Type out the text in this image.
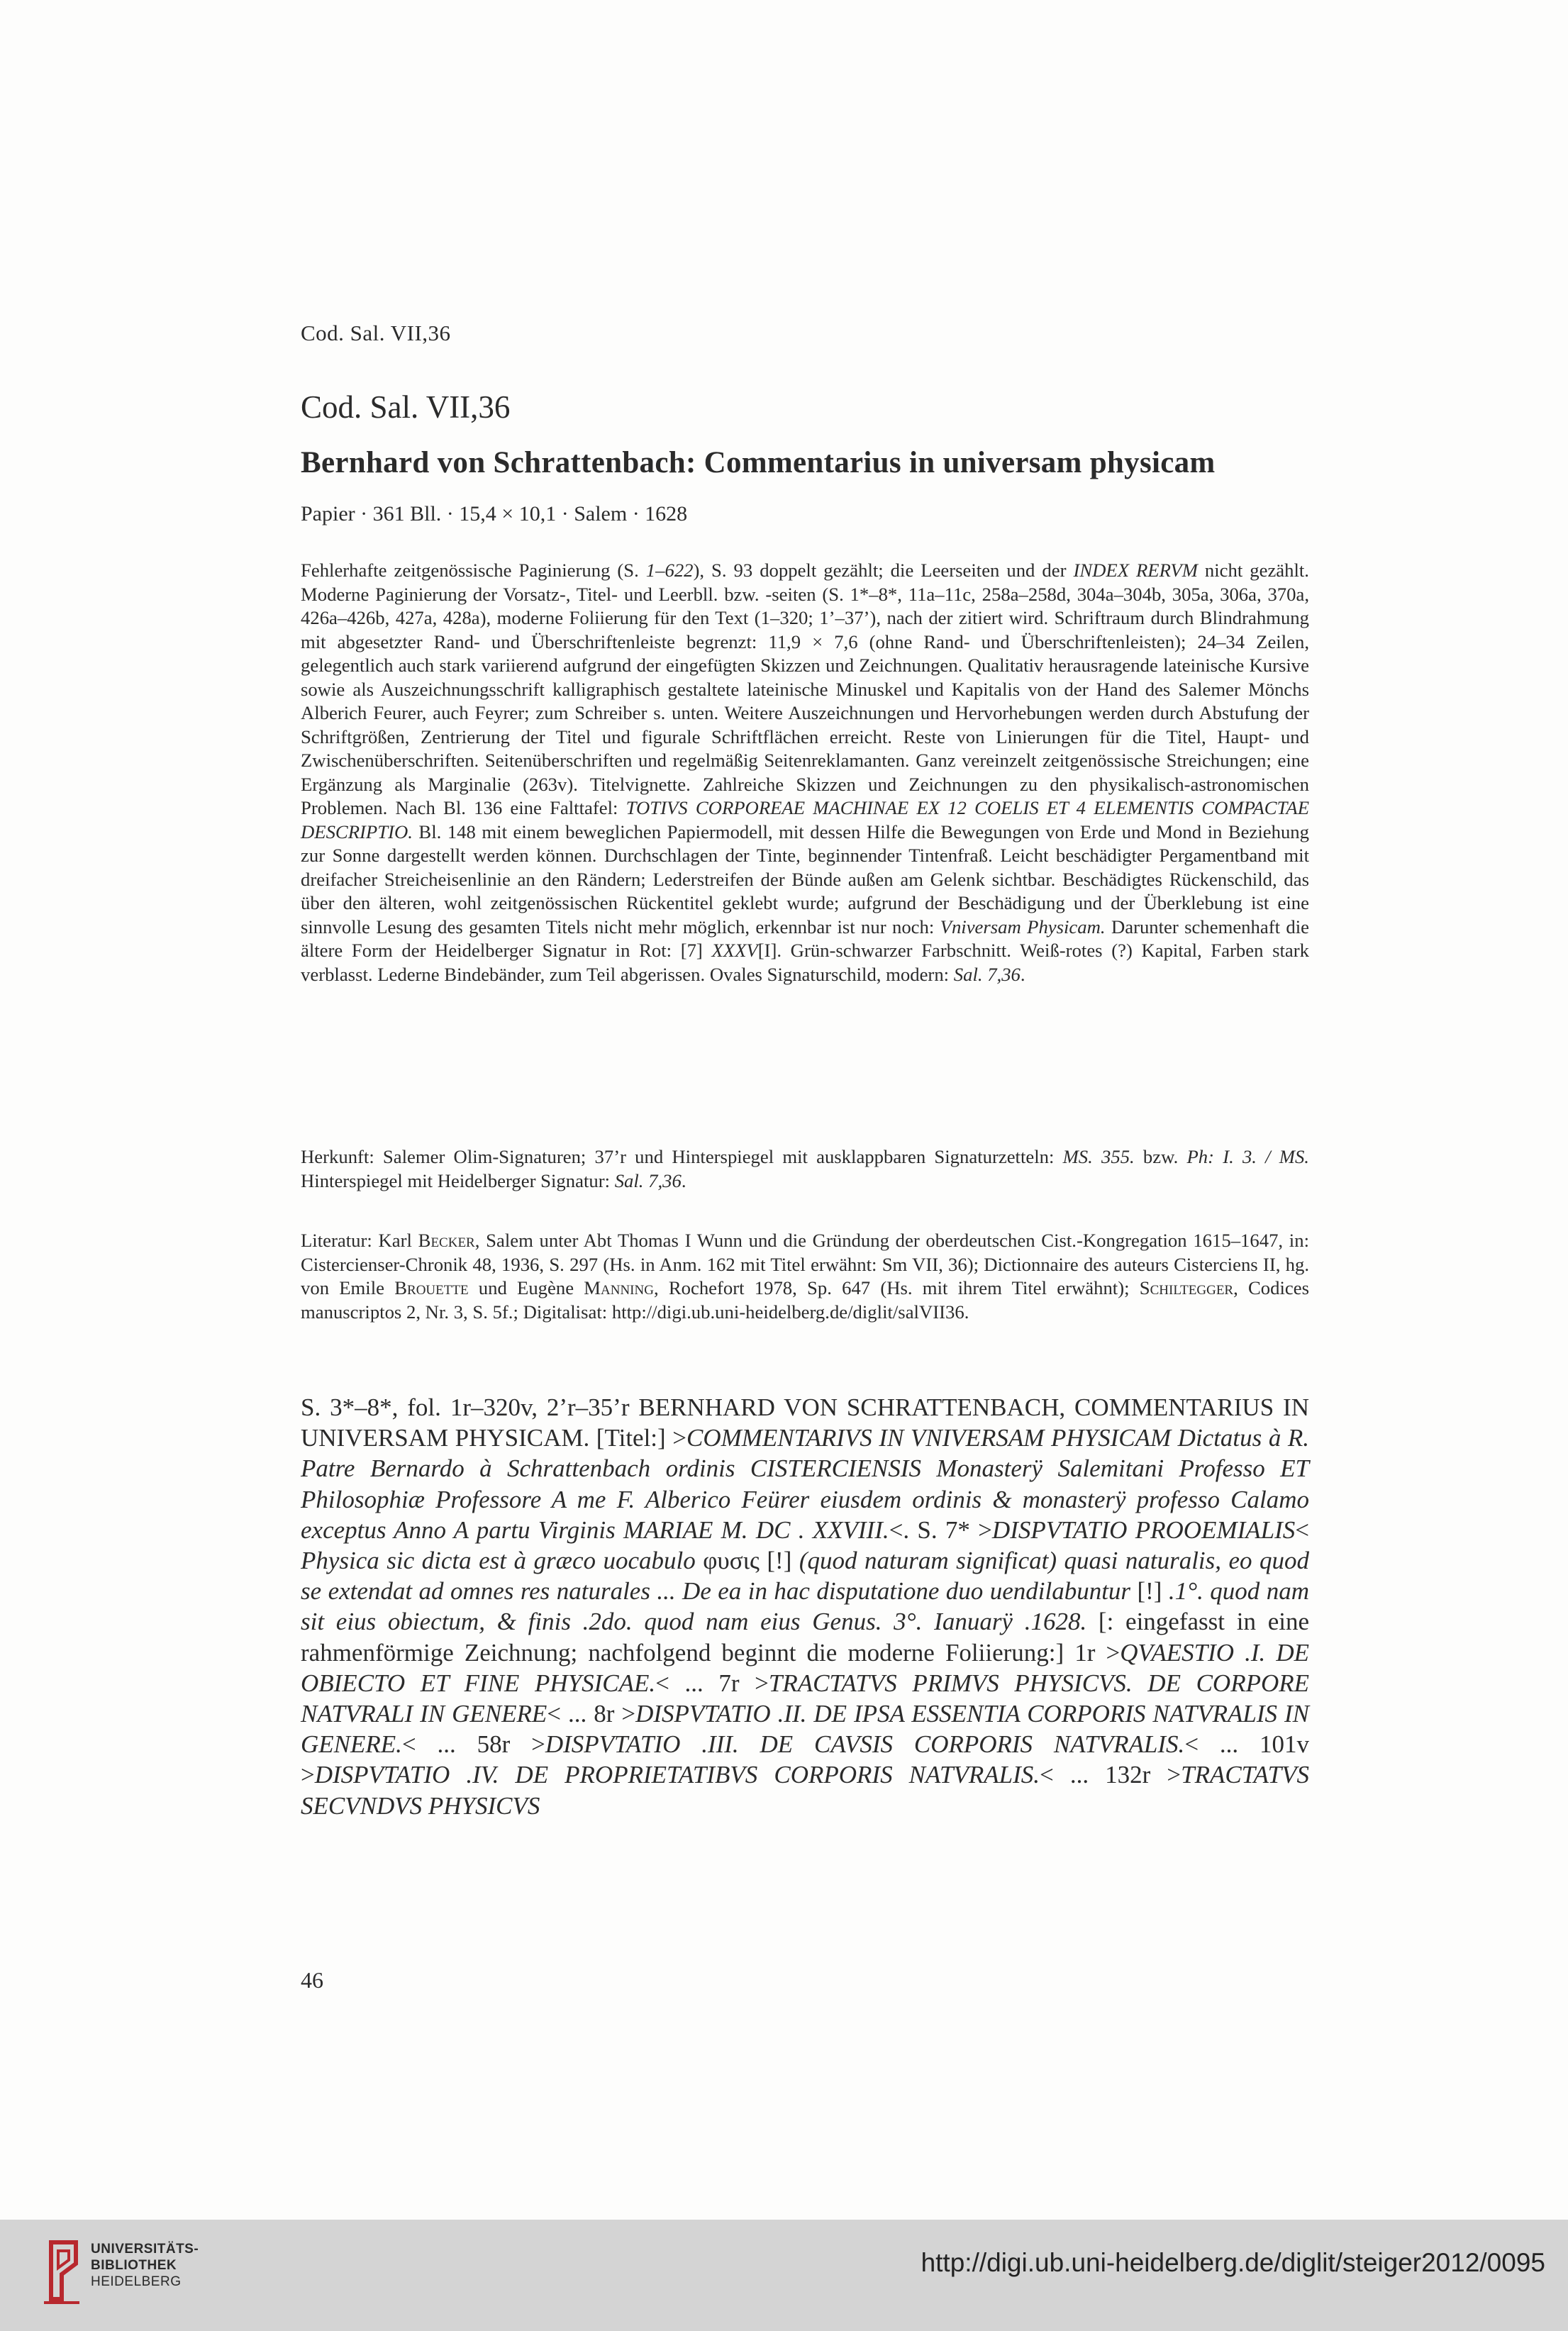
Cod. Sal. VII,36
Cod. Sal. VII,36
Bernhard von Schrattenbach: Commentarius in universam physicam
Papier · 361 Bll. · 15,4 × 10,1 · Salem · 1628
Fehlerhafte zeitgenössische Paginierung (S. 1–622), S. 93 doppelt gezählt; die Leerseiten und der INDEX RERVM nicht gezählt. Moderne Paginierung der Vorsatz-, Titel- und Leerbll. bzw. -seiten (S. 1*–8*, 11a–11c, 258a–258d, 304a–304b, 305a, 306a, 370a, 426a–426b, 427a, 428a), moderne Foliierung für den Text (1–320; 1’–37’), nach der zitiert wird. Schriftraum durch Blindrahmung mit abgesetzter Rand- und Überschriftenleiste begrenzt: 11,9 × 7,6 (ohne Rand- und Überschriftenleisten); 24–34 Zeilen, gelegentlich auch stark variierend aufgrund der eingefügten Skizzen und Zeichnungen. Qualitativ herausragende lateinische Kursive sowie als Auszeichnungsschrift kalligraphisch gestaltete lateinische Minuskel und Kapitalis von der Hand des Salemer Mönchs Alberich Feurer, auch Feyrer; zum Schreiber s. unten. Weitere Auszeichnungen und Hervorhebungen werden durch Abstufung der Schriftgrößen, Zentrierung der Titel und figurale Schriftflächen erreicht. Reste von Linierungen für die Titel, Haupt- und Zwischenüberschriften. Seitenüberschriften und regelmäßig Seitenreklamanten. Ganz vereinzelt zeitgenössische Streichungen; eine Ergänzung als Marginalie (263v). Titelvignette. Zahlreiche Skizzen und Zeichnungen zu den physikalisch-astronomischen Problemen. Nach Bl. 136 eine Falttafel: TOTIVS CORPOREAE MACHINAE EX 12 COELIS ET 4 ELEMENTIS COMPACTAE DESCRIPTIO. Bl. 148 mit einem beweglichen Papiermodell, mit dessen Hilfe die Bewegungen von Erde und Mond in Beziehung zur Sonne dargestellt werden können. Durchschlagen der Tinte, beginnender Tintenfraß. Leicht beschädigter Pergamentband mit dreifacher Streicheisenlinie an den Rändern; Lederstreifen der Bünde außen am Gelenk sichtbar. Beschädigtes Rückenschild, das über den älteren, wohl zeitgenössischen Rückentitel geklebt wurde; aufgrund der Beschädigung und der Überklebung ist eine sinnvolle Lesung des gesamten Titels nicht mehr möglich, erkennbar ist nur noch: Vniversam Physicam. Darunter schemenhaft die ältere Form der Heidelberger Signatur in Rot: [7] XXXV[I]. Grün-schwarzer Farbschnitt. Weiß-rotes (?) Kapital, Farben stark verblasst. Lederne Bindebänder, zum Teil abgerissen. Ovales Signaturschild, modern: Sal. 7,36.
Herkunft: Salemer Olim-Signaturen; 37’r und Hinterspiegel mit ausklappbaren Signaturzetteln: MS. 355. bzw. Ph: I. 3. / MS. Hinterspiegel mit Heidelberger Signatur: Sal. 7,36.
Literatur: Karl Becker, Salem unter Abt Thomas I Wunn und die Gründung der oberdeutschen Cist.-Kongregation 1615–1647, in: Cistercienser-Chronik 48, 1936, S. 297 (Hs. in Anm. 162 mit Titel erwähnt: Sm VII, 36); Dictionnaire des auteurs Cisterciens II, hg. von Emile Brouette und Eugène Manning, Rochefort 1978, Sp. 647 (Hs. mit ihrem Titel erwähnt); Schiltegger, Codices manuscriptos 2, Nr. 3, S. 5f.; Digitalisat: http://digi.ub.uni-heidelberg.de/diglit/salVII36.
S. 3*–8*, fol. 1r–320v, 2’r–35’r BERNHARD VON SCHRATTENBACH, COMMENTARIUS IN UNIVERSAM PHYSICAM. [Titel:] >COMMENTARIVS IN VNIVERSAM PHYSICAM Dictatus à R. Patre Bernardo à Schrattenbach ordinis CISTERCIENSIS Monasterÿ Salemitani Professo ET Philosophiæ Professore A me F. Alberico Feürer eiusdem ordinis & monasterÿ professo Calamo exceptus Anno A partu Virginis MARIAE M. DC . XXVIII.<. S. 7* >DISPVTATIO PROOEMIALIS< Physica sic dicta est à græco uocabulo φυσις [!] (quod naturam significat) quasi naturalis, eo quod se extendat ad omnes res naturales ... De ea in hac disputatione duo uendilabuntur [!] .1°. quod nam sit eius obiectum, & finis .2do. quod nam eius Genus. 3°. Ianuarÿ .1628. [: eingefasst in eine rahmenförmige Zeichnung; nachfolgend beginnt die moderne Foliierung:] 1r >QVAESTIO .I. DE OBIECTO ET FINE PHYSICAE.< ... 7r >TRACTATVS PRIMVS PHYSICVS. DE CORPORE NATVRALI IN GENERE< ... 8r >DISPVTATIO .II. DE IPSA ESSENTIA CORPORIS NATVRALIS IN GENERE.< ... 58r >DISPVTATIO .III. DE CAVSIS CORPORIS NATVRALIS.< ... 101v >DISPVTATIO .IV. DE PROPRIETATIBVS CORPORIS NATVRALIS.< ... 132r >TRACTATVS SECVNDVS PHYSICVS
46
UNIVERSITÄTS-
BIBLIOTHEK
HEIDELBERG
http://digi.ub.uni-heidelberg.de/diglit/steiger2012/0095
